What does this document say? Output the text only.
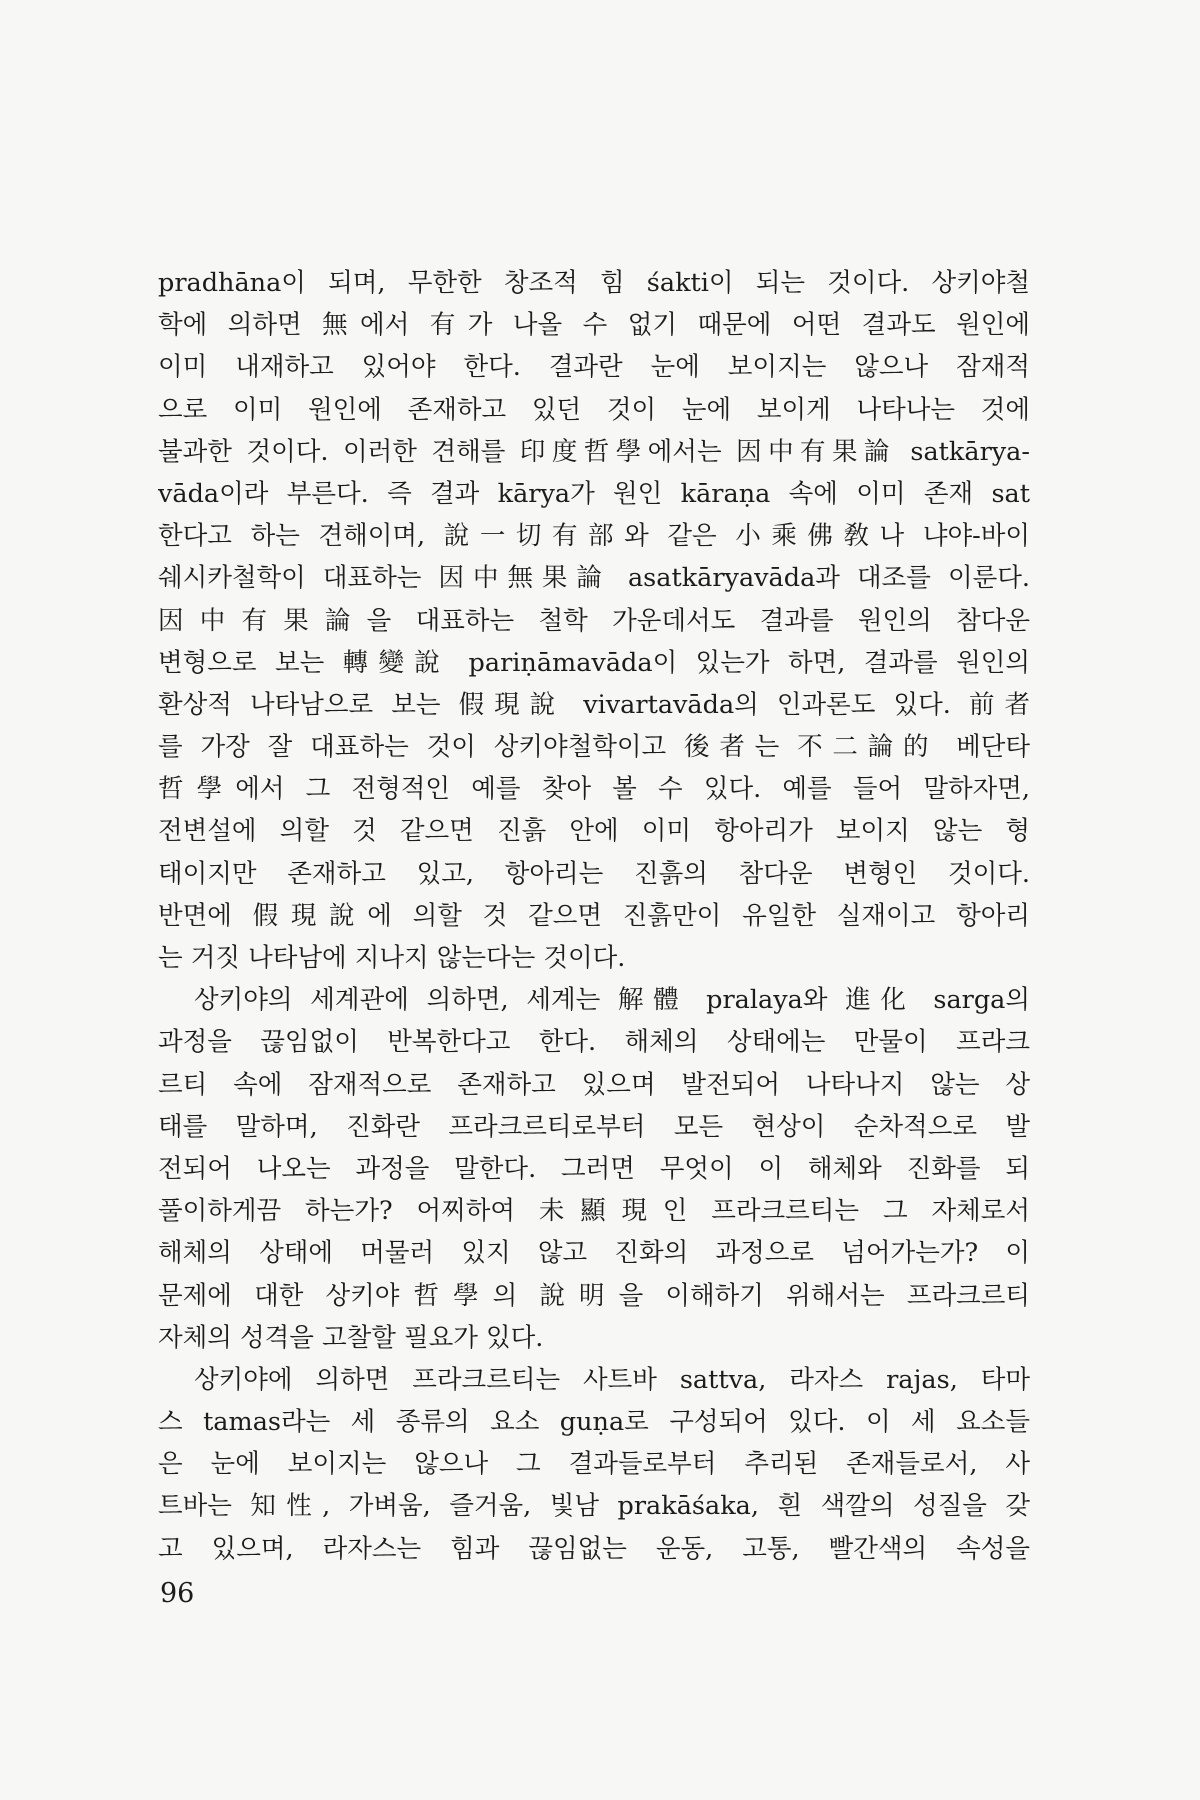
pradhāna이 되며, 무한한 창조적 힘 śakti이 되는 것이다. 상키야철
학에 의하면 無에서 有가 나올 수 없기 때문에 어떤 결과도 원인에
이미 내재하고 있어야 한다. 결과란 눈에 보이지는 않으나 잠재적
으로 이미 원인에 존재하고 있던 것이 눈에 보이게 나타나는 것에
불과한 것이다. 이러한 견해를 印度哲學에서는 因中有果論 satkārya-
vāda이라 부른다. 즉 결과 kārya가 원인 kāraṇa 속에 이미 존재 sat
한다고 하는 견해이며, 說一切有部와 같은 小乘佛敎나 냐야-바이
쉐시카철학이 대표하는 因中無果論 asatkāryavāda과 대조를 이룬다.
因中有果論을 대표하는 철학 가운데서도 결과를 원인의 참다운
변형으로 보는 轉變說 pariṇāmavāda이 있는가 하면, 결과를 원인의
환상적 나타남으로 보는 假現說 vivartavāda의 인과론도 있다. 前者
를 가장 잘 대표하는 것이 상키야철학이고 後者는 不二論的 베단타
哲學에서 그 전형적인 예를 찾아 볼 수 있다. 예를 들어 말하자면,
전변설에 의할 것 같으면 진흙 안에 이미 항아리가 보이지 않는 형
태이지만 존재하고 있고, 항아리는 진흙의 참다운 변형인 것이다.
반면에 假現說에 의할 것 같으면 진흙만이 유일한 실재이고 항아리
는 거짓 나타남에 지나지 않는다는 것이다.
상키야의 세계관에 의하면, 세계는 解體 pralaya와 進化 sarga의
과정을 끊임없이 반복한다고 한다. 해체의 상태에는 만물이 프라크
르티 속에 잠재적으로 존재하고 있으며 발전되어 나타나지 않는 상
태를 말하며, 진화란 프라크르티로부터 모든 현상이 순차적으로 발
전되어 나오는 과정을 말한다. 그러면 무엇이 이 해체와 진화를 되
풀이하게끔 하는가? 어찌하여 未顯現인 프라크르티는 그 자체로서
해체의 상태에 머물러 있지 않고 진화의 과정으로 넘어가는가? 이
문제에 대한 상키야哲學의 說明을 이해하기 위해서는 프라크르티
자체의 성격을 고찰할 필요가 있다.
상키야에 의하면 프라크르티는 사트바 sattva, 라자스 rajas, 타마
스 tamas라는 세 종류의 요소 guṇa로 구성되어 있다. 이 세 요소들
은 눈에 보이지는 않으나 그 결과들로부터 추리된 존재들로서, 사
트바는 知性, 가벼움, 즐거움, 빛남 prakāśaka, 흰 색깔의 성질을 갖
고 있으며, 라자스는 힘과 끊임없는 운동, 고통, 빨간색의 속성을
96
